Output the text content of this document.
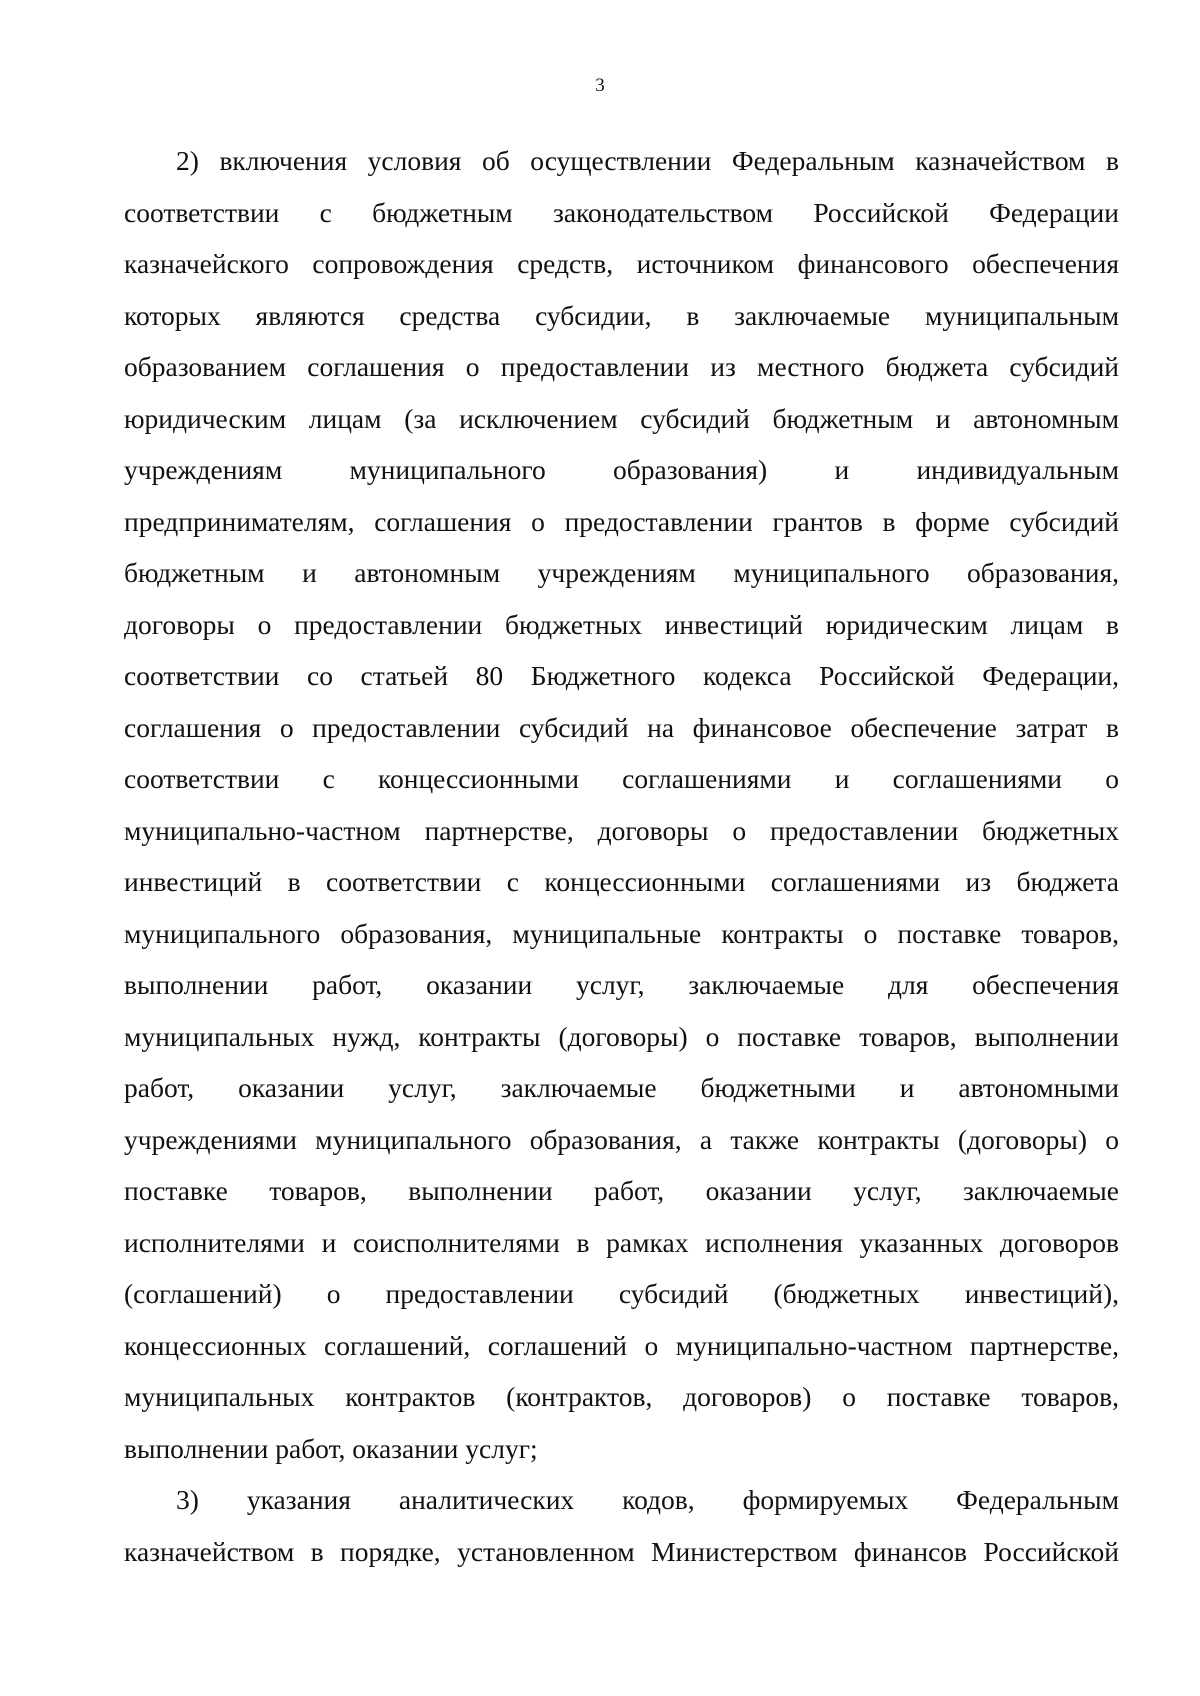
3
2) включения условия об осуществлении Федеральным казначейством в
соответствии с бюджетным законодательством Российской Федерации
казначейского сопровождения средств, источником финансового обеспечения
которых являются средства субсидии, в заключаемые муниципальным
образованием соглашения о предоставлении из местного бюджета субсидий
юридическим лицам (за исключением субсидий бюджетным и автономным
учреждениям муниципального образования) и индивидуальным
предпринимателям, соглашения о предоставлении грантов в форме субсидий
бюджетным и автономным учреждениям муниципального образования,
договоры о предоставлении бюджетных инвестиций юридическим лицам в
соответствии со статьей 80 Бюджетного кодекса Российской Федерации,
соглашения о предоставлении субсидий на финансовое обеспечение затрат в
соответствии с концессионными соглашениями и соглашениями о
муниципально-частном партнерстве, договоры о предоставлении бюджетных
инвестиций в соответствии с концессионными соглашениями из бюджета
муниципального образования, муниципальные контракты о поставке товаров,
выполнении работ, оказании услуг, заключаемые для обеспечения
муниципальных нужд, контракты (договоры) о поставке товаров, выполнении
работ, оказании услуг, заключаемые бюджетными и автономными
учреждениями муниципального образования, а также контракты (договоры) о
поставке товаров, выполнении работ, оказании услуг, заключаемые
исполнителями и соисполнителями в рамках исполнения указанных договоров
(соглашений) о предоставлении субсидий (бюджетных инвестиций),
концессионных соглашений, соглашений о муниципально-частном партнерстве,
муниципальных контрактов (контрактов, договоров) о поставке товаров,
выполнении работ, оказании услуг;
3) указания аналитических кодов, формируемых Федеральным
казначейством в порядке, установленном Министерством финансов Российской
